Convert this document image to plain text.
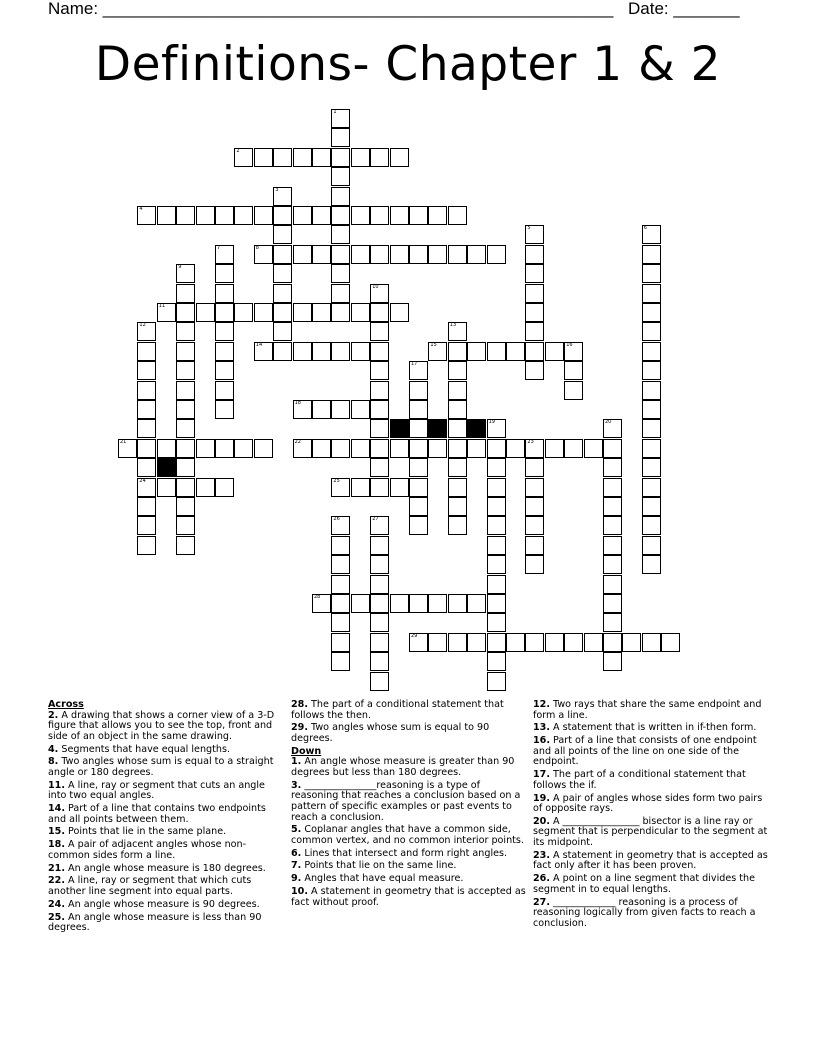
Name: ______________________________________________________ Date: _______
Definitions- Chapter 1 & 2
1
2
3
4
5	6
7	8
9
10
11
12
24
13
14	15	16
17
18
19	20
21	22	23
25
26	27
28
29
Across
2. A drawing that shows a corner view of a 3-D figure that allows you to see the top, front and side of an object in the same drawing.
4. Segments that have equal lengths.
8. Two angles whose sum is equal to a straight angle or 180 degrees.
11. A line, ray or segment that cuts an angle into two equal angles.
14. Part of a line that contains two endpoints and all points between them.
15. Points that lie in the same plane.
18. A pair of adjacent angles whose non-common sides form a line.
21. An angle whose measure is 180 degrees.
22. A line, ray or segment that which cuts another line segment into equal parts.
24. An angle whose measure is 90 degrees.
25. An angle whose measure is less than 90 degrees.
28. The part of a conditional statement that follows the then.
29. Two angles whose sum is equal to 90 degrees.
Down
1. An angle whose measure is greater than 90 degrees but less than 180 degrees.
3. _______________reasoning is a type of reasoning that reaches a conclusion based on a pattern of specific examples or past events to reach a conclusion.
5. Coplanar angles that have a common side, common vertex, and no common interior points.
6. Lines that intersect and form right angles.
7. Points that lie on the same line.
9. Angles that have equal measure.
10. A statement in geometry that is accepted as fact without proof.
12. Two rays that share the same endpoint and form a line.
13. A statement that is written in if-then form.
16. Part of a line that consists of one endpoint and all points of the line on one side of the endpoint.
17. The part of a conditional statement that follows the if.
19. A pair of angles whose sides form two pairs of opposite rays.
20. A ________________ bisector is a line ray or segment that is perpendicular to the segment at its midpoint.
23. A statement in geometry that is accepted as fact only after it has been proven.
26. A point on a line segment that divides the segment in to equal lengths.
27. _____________ reasoning is a process of reasoning logically from given facts to reach a conclusion.
